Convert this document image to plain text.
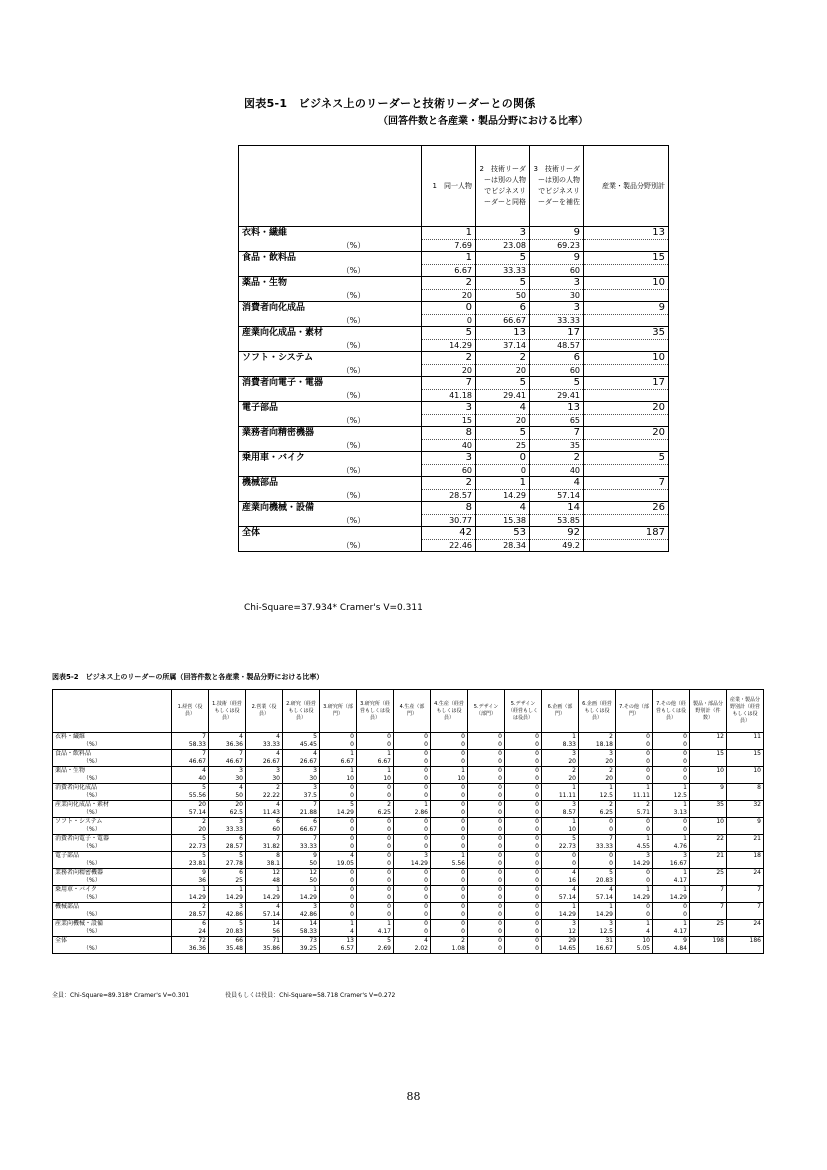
図表5-1　ビジネス上のリーダーと技術リーダーとの関係
（回答件数と各産業・製品分野における比率）
	1　同一人物	2　技術リーダーは別の人物でビジネスリーダーと同格	3　技術リーダーは別の人物でビジネスリーダーを補佐	産業・製品分野別計
衣料・繊維	1	3	9	13
（%）	7.69	23.08	69.23	
食品・飲料品	1	5	9	15
（%）	6.67	33.33	60	
薬品・生物	2	5	3	10
（%）	20	50	30	
消費者向化成品	0	6	3	9
（%）	0	66.67	33.33	
産業向化成品・素材	5	13	17	35
（%）	14.29	37.14	48.57	
ソフト・システム	2	2	6	10
（%）	20	20	60	
消費者向電子・電器	7	5	5	17
（%）	41.18	29.41	29.41	
電子部品	3	4	13	20
（%）	15	20	65	
業務者向精密機器	8	5	7	20
（%）	40	25	35	
乗用車・バイク	3	0	2	5
（%）	60	0	40	
機械部品	2	1	4	7
（%）	28.57	14.29	57.14	
産業向機械・設備	8	4	14	26
（%）	30.77	15.38	53.85	
全体	42	53	92	187
（%）	22.46	28.34	49.2	
Chi-Square=37.934* Cramer's V=0.311
図表5-2　ビジネス上のリーダーの所属（回答件数と各産業・製品分野における比率）
	1.経営（役員）	1.技術（経営もしくは役員）	2.営業（役員）	2.研究（経営もしくは役員）	3.研究所（部門）	3.研究所（経営もしくは役員）	4.生産（部門）	4.生産（経営もしくは役員）	5.デザイン（部門）	5.デザイン（経営もしくは役員）	6.企画（部門）	6.企画（経営もしくは役員）	7.その他（部門）	7.その他（経営もしくは役員）	製品・部品分野別計（件数）	産業・製品分野別計（経営もしくは役員）
衣料・繊維	7	4	4	5	0	0	0	0	0	0	1	2	0	0	12	11
（%）	58.33	36.36	33.33	45.45	0	0	0	0	0	0	8.33	18.18	0	0		
食品・飲料品	7	7	4	4	1	1	0	0	0	0	3	3	0	0	15	15
（%）	46.67	46.67	26.67	26.67	6.67	6.67	0	0	0	0	20	20	0	0		
薬品・生物	4	3	3	3	1	1	0	1	0	0	2	2	0	0	10	10
（%）	40	30	30	30	10	10	0	10	0	0	20	20	0	0		
消費者向化成品	5	4	2	3	0	0	0	0	0	0	1	1	1	1	9	8
（%）	55.56	50	22.22	37.5	0	0	0	0	0	0	11.11	12.5	11.11	12.5		
産業向化成品・素材	20	20	4	7	5	2	1	0	0	0	3	2	2	1	35	32
（%）	57.14	62.5	11.43	21.88	14.29	6.25	2.86	0	0	0	8.57	6.25	5.71	3.13		
ソフト・システム	2	3	6	6	0	0	0	0	0	0	1	0	0	0	10	9
（%）	20	33.33	60	66.67	0	0	0	0	0	0	10	0	0	0		
消費者向電子・電器	5	6	7	7	0	0	0	0	0	0	5	7	1	1	22	21
（%）	22.73	28.57	31.82	33.33	0	0	0	0	0	0	22.73	33.33	4.55	4.76		
電子部品	5	5	8	9	4	0	3	1	0	0	0	0	3	3	21	18
（%）	23.81	27.78	38.1	50	19.05	0	14.29	5.56	0	0	0	0	14.29	16.67		
業務者向精密機器	9	6	12	12	0	0	0	0	0	0	4	5	0	1	25	24
（%）	36	25	48	50	0	0	0	0	0	0	16	20.83	0	4.17		
乗用車・バイク	1	1	1	1	0	0	0	0	0	0	4	4	1	1	7	7
（%）	14.29	14.29	14.29	14.29	0	0	0	0	0	0	57.14	57.14	14.29	14.29		
機械部品	2	3	4	3	0	0	0	0	0	0	1	1	0	0	7	7
（%）	28.57	42.86	57.14	42.86	0	0	0	0	0	0	14.29	14.29	0	0		
産業向機械・設備	6	5	14	14	1	1	0	0	0	0	3	3	1	1	25	24
（%）	24	20.83	56	58.33	4	4.17	0	0	0	0	12	12.5	4	4.17		
全体	72	66	71	73	13	5	4	2	0	0	29	31	10	9	198	186
（%）	36.36	35.48	35.86	39.25	6.57	2.69	2.02	1.08	0	0	14.65	16.67	5.05	4.84		
全員：Chi-Square=89.318* Cramer's V=0.301	役員もしくは役員：Chi-Square=58.718 Cramer's V=0.272
88
